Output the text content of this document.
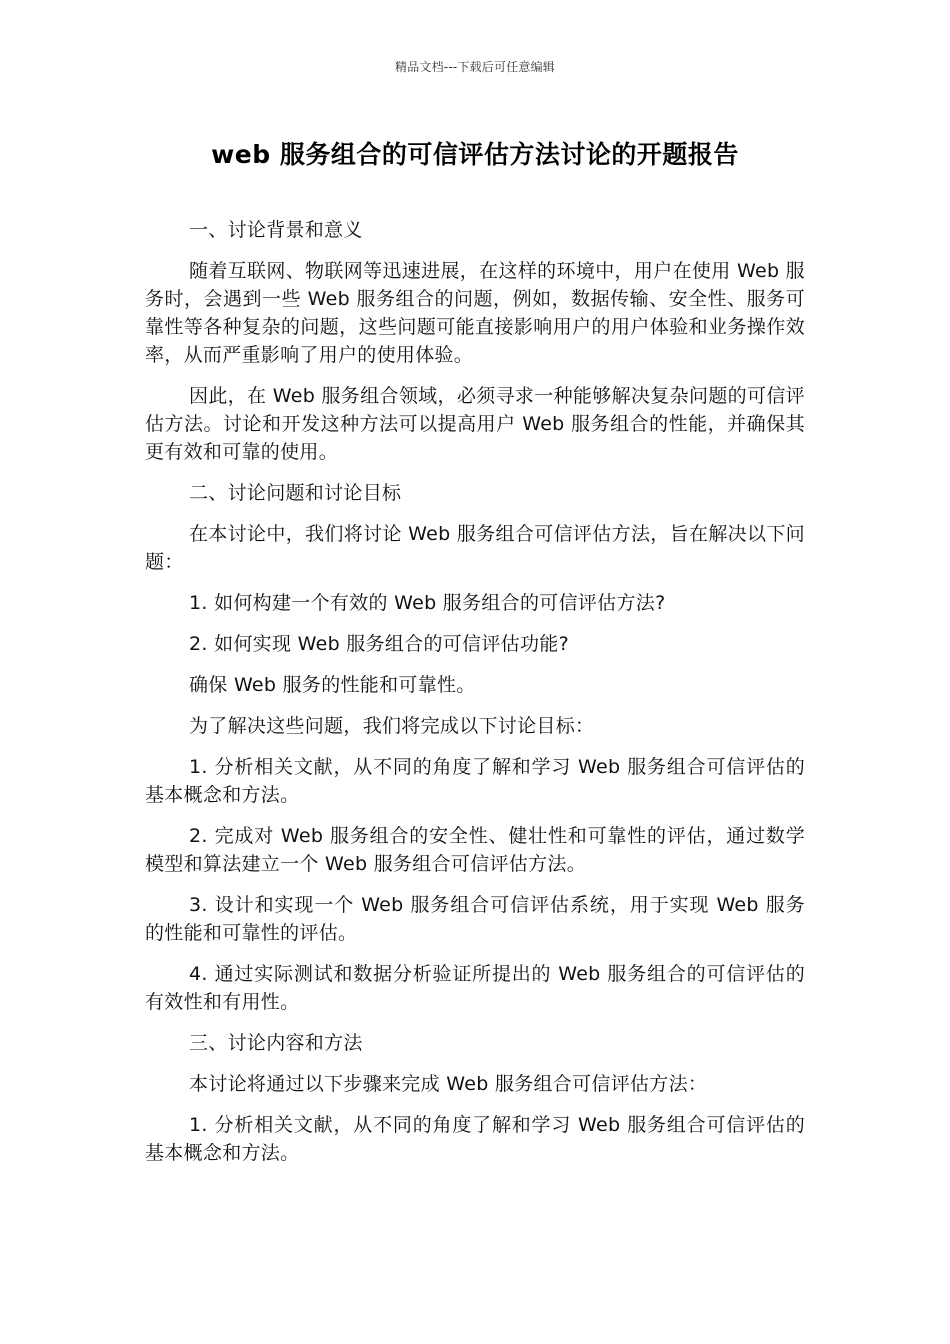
精品文档---下载后可任意编辑
web 服务组合的可信评估方法讨论的开题报告

一、讨论背景和意义

随着互联网、物联网等迅速进展，在这样的环境中，用户在使用 Web 服务时，会遇到一些 Web 服务组合的问题，例如，数据传输、安全性、服务可靠性等各种复杂的问题，这些问题可能直接影响用户的用户体验和业务操作效率，从而严重影响了用户的使用体验。

因此，在 Web 服务组合领域，必须寻求一种能够解决复杂问题的可信评估方法。讨论和开发这种方法可以提高用户 Web 服务组合的性能，并确保其更有效和可靠的使用。

二、讨论问题和讨论目标

在本讨论中，我们将讨论 Web 服务组合可信评估方法，旨在解决以下问题：

1. 如何构建一个有效的 Web 服务组合的可信评估方法?

2. 如何实现 Web 服务组合的可信评估功能?

确保 Web 服务的性能和可靠性。

为了解决这些问题，我们将完成以下讨论目标：

1. 分析相关文献，从不同的角度了解和学习 Web 服务组合可信评估的基本概念和方法。

2. 完成对 Web 服务组合的安全性、健壮性和可靠性的评估，通过数学模型和算法建立一个 Web 服务组合可信评估方法。

3. 设计和实现一个 Web 服务组合可信评估系统，用于实现 Web 服务的性能和可靠性的评估。

4. 通过实际测试和数据分析验证所提出的 Web 服务组合的可信评估的有效性和有用性。

三、讨论内容和方法

本讨论将通过以下步骤来完成 Web 服务组合可信评估方法：

1. 分析相关文献，从不同的角度了解和学习 Web 服务组合可信评估的基本概念和方法。
